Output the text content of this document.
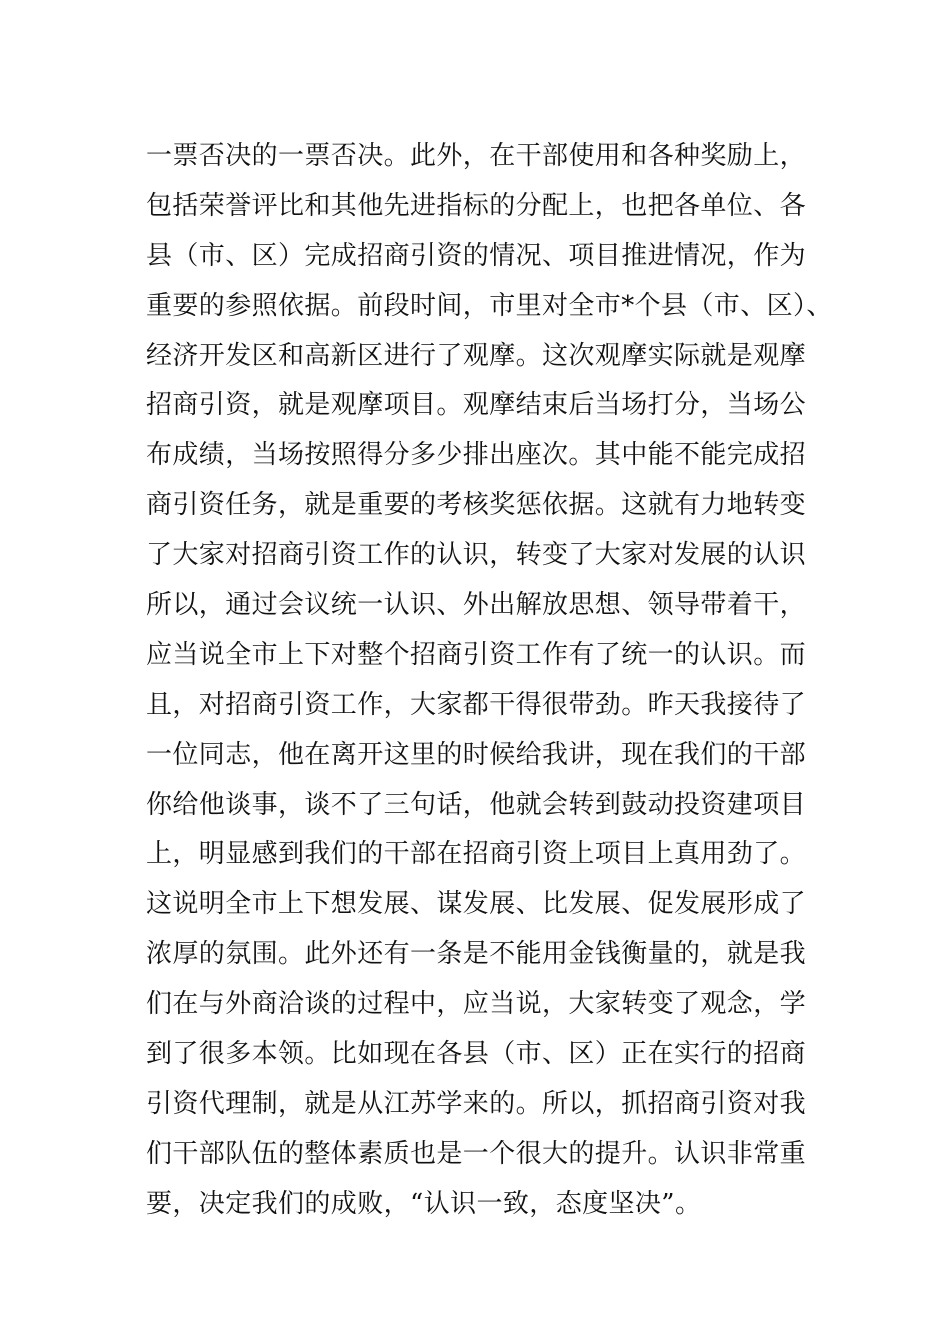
一票否决的一票否决。此外，在干部使用和各种奖励上，
包括荣誉评比和其他先进指标的分配上，也把各单位、各
县（市、区）完成招商引资的情况、项目推进情况，作为
重要的参照依据。前段时间，市里对全市*个县（市、区）、
经济开发区和高新区进行了观摩。这次观摩实际就是观摩
招商引资，就是观摩项目。观摩结束后当场打分，当场公
布成绩，当场按照得分多少排出座次。其中能不能完成招
商引资任务，就是重要的考核奖惩依据。这就有力地转变
了大家对招商引资工作的认识，转变了大家对发展的认识
所以，通过会议统一认识、外出解放思想、领导带着干，
应当说全市上下对整个招商引资工作有了统一的认识。而
且，对招商引资工作，大家都干得很带劲。昨天我接待了
一位同志，他在离开这里的时候给我讲，现在我们的干部
你给他谈事，谈不了三句话，他就会转到鼓动投资建项目
上，明显感到我们的干部在招商引资上项目上真用劲了。
这说明全市上下想发展、谋发展、比发展、促发展形成了
浓厚的氛围。此外还有一条是不能用金钱衡量的，就是我
们在与外商洽谈的过程中，应当说，大家转变了观念，学
到了很多本领。比如现在各县（市、区）正在实行的招商
引资代理制，就是从江苏学来的。所以，抓招商引资对我
们干部队伍的整体素质也是一个很大的提升。认识非常重
要，决定我们的成败，“认识一致，态度坚决”。
